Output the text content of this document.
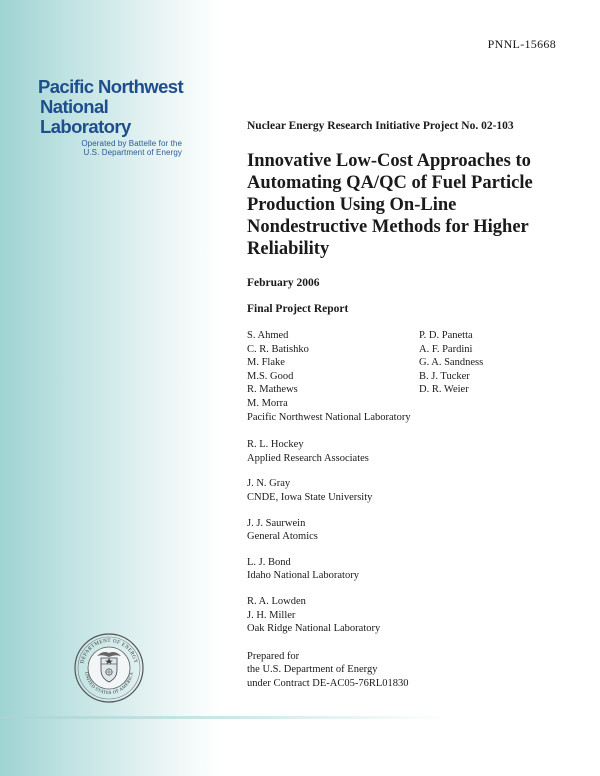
PNNL-15668
Pacific Northwest
National Laboratory
Operated by Battelle for the
U.S. Department of Energy
Nuclear Energy Research Initiative Project No. 02-103
Innovative Low-Cost Approaches to
Automating QA/QC of Fuel Particle
Production Using On-Line
Nondestructive Methods for Higher
Reliability
February 2006
Final Project Report
S. Ahmed
C. R. Batishko
M. Flake
M.S. Good
R. Mathews
M. Morra
P. D. Panetta
A. F. Pardini
G. A. Sandness
B. J. Tucker
D. R. Weier
Pacific Northwest National Laboratory
R. L. Hockey
Applied Research Associates
J. N. Gray
CNDE, Iowa State University
J. J. Saurwein
General Atomics
L. J. Bond
Idaho National Laboratory
R. A. Lowden
J. H. Miller
Oak Ridge National Laboratory
Prepared for
the U.S. Department of Energy
under Contract DE-AC05-76RL01830
DEPARTMENT OF ENERGY
UNITED STATES OF AMERICA
